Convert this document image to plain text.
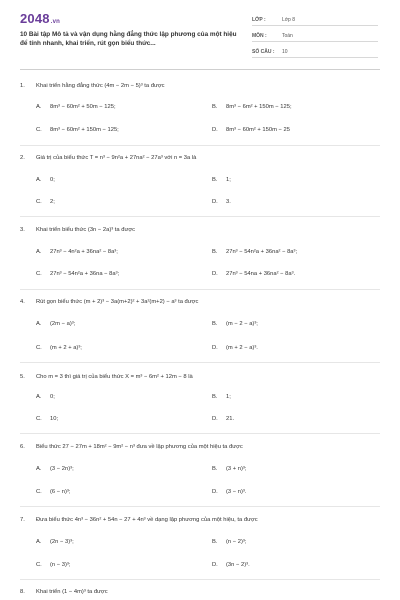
2048.vn
10 Bài tập Mô tả và vận dụng hằng đẳng thức lập phương của một hiệu để tính nhanh, khai triển, rút gọn biểu thức...
LỚP :	Lớp 8
MÔN :	Toán
SỐ CÂU :	10
1. Khai triển hằng đẳng thức (4m − 2m − 5)³ ta được
A. 8m³ − 60m² + 50m − 125;	B. 8m³ − 6m² + 150m − 125;
C. 8m³ − 60m² + 150m − 125;	D. 8m³ − 60m² + 150m − 25
2. Giá trị của biểu thức T = n³ − 9n²a + 27na² − 27a³ với n = 3a là
A. 0;	B. 1;
C. 2;	D. 3.
3. Khai triển biểu thức (3n − 2a)³ ta được
A. 27n³ − 4n²a + 36na² − 8a³;	B. 27n³ − 54n²a + 36na² − 8a³;
C. 27n³ − 54n²a + 36na − 8a³;	D. 27n³ − 54na + 36na² − 8a³.
4. Rút gọn biểu thức (m + 2)³ − 3a(m+2)² + 3a²(m+2) − a³ ta được
A. (2m − a)³;	B. (m − 2 − a)³;
C. (m + 2 + a)³;	D. (m + 2 − a)³.
5. Cho m = 3 thì giá trị của biểu thức X = m³ − 6m² + 12m − 8 là
A. 0;	B. 1;
C. 10;	D. 21.
6. Biểu thức 27 − 27m + 18m² − 9m² − n³ đưa về lập phương của một hiệu ta được
A. (3 − 2n)³;	B. (3 + n)³;
C. (6 − n)³;	D. (3 − n)³.
7. Đưa biểu thức 4n³ − 36n² + 54n − 27 + 4n³ về dạng lập phương của một hiệu, ta được
A. (2n − 3)³;	B. (n − 2)³;
C. (n − 3)³;	D. (3n − 2)³.
8. Khai triển (1 − 4m)³ ta được
